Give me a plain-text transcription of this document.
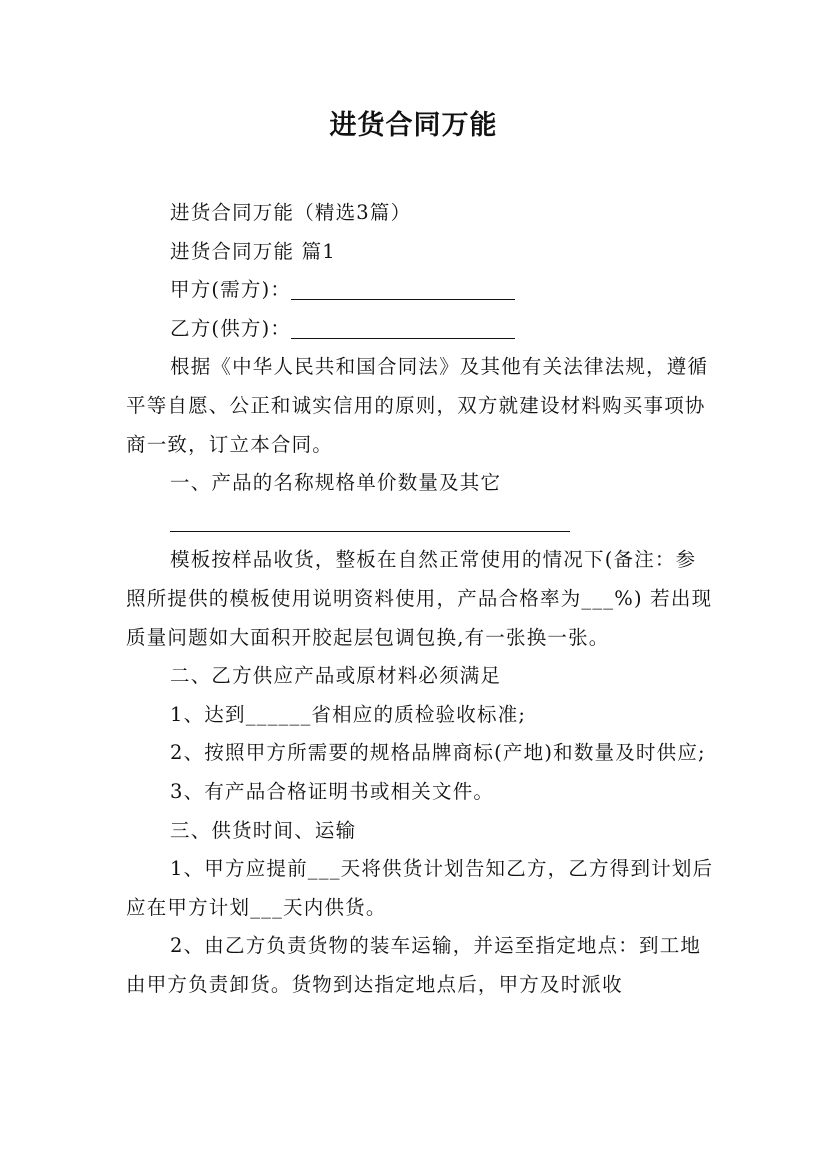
进货合同万能

进货合同万能（精选3篇）

进货合同万能 篇1

甲方(需方)：

乙方(供方)：

根据《中华人民共和国合同法》及其他有关法律法规，遵循平等自愿、公正和诚实信用的原则，双方就建设材料购买事项协商一致，订立本合同。

一、产品的名称规格单价数量及其它

模板按样品收货，整板在自然正常使用的情况下(备注：参照所提供的模板使用说明资料使用，产品合格率为___%) 若出现质量问题如大面积开胶起层包调包换,有一张换一张。

二、乙方供应产品或原材料必须满足

1、达到______省相应的质检验收标准;

2、按照甲方所需要的规格品牌商标(产地)和数量及时供应;

3、有产品合格证明书或相关文件。

三、供货时间、运输

1、甲方应提前___天将供货计划告知乙方，乙方得到计划后应在甲方计划___天内供货。

2、由乙方负责货物的装车运输，并运至指定地点：到工地由甲方负责卸货。货物到达指定地点后，甲方及时派收
